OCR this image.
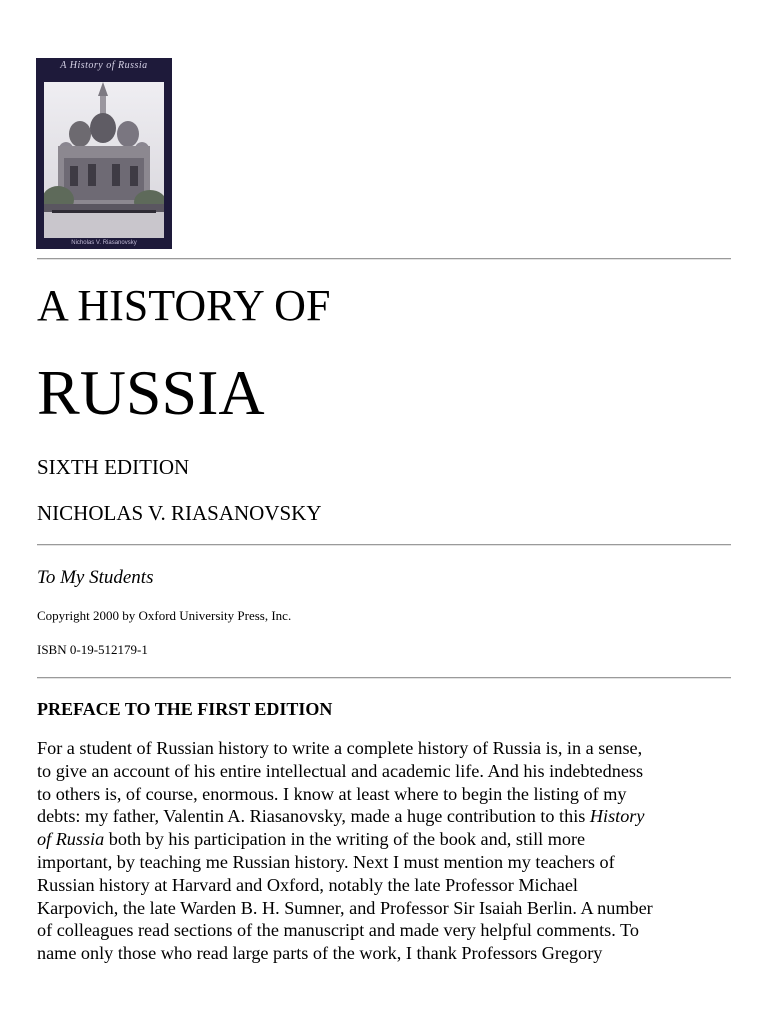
A History of Russia
Nicholas V. Riasanovsky
A HISTORY OF
RUSSIA
SIXTH EDITION
NICHOLAS V. RIASANOVSKY
To My Students
Copyright 2000 by Oxford University Press, Inc.
ISBN 0-19-512179-1
PREFACE TO THE FIRST EDITION
For a student of Russian history to write a complete history of Russia is, in a sense,
to give an account of his entire intellectual and academic life. And his indebtedness
to others is, of course, enormous. I know at least where to begin the listing of my
debts: my father, Valentin A. Riasanovsky, made a huge contribution to this History
of Russia both by his participation in the writing of the book and, still more
important, by teaching me Russian history. Next I must mention my teachers of
Russian history at Harvard and Oxford, notably the late Professor Michael
Karpovich, the late Warden B. H. Sumner, and Professor Sir Isaiah Berlin. A number
of colleagues read sections of the manuscript and made very helpful comments. To
name only those who read large parts of the work, I thank Professors Gregory
